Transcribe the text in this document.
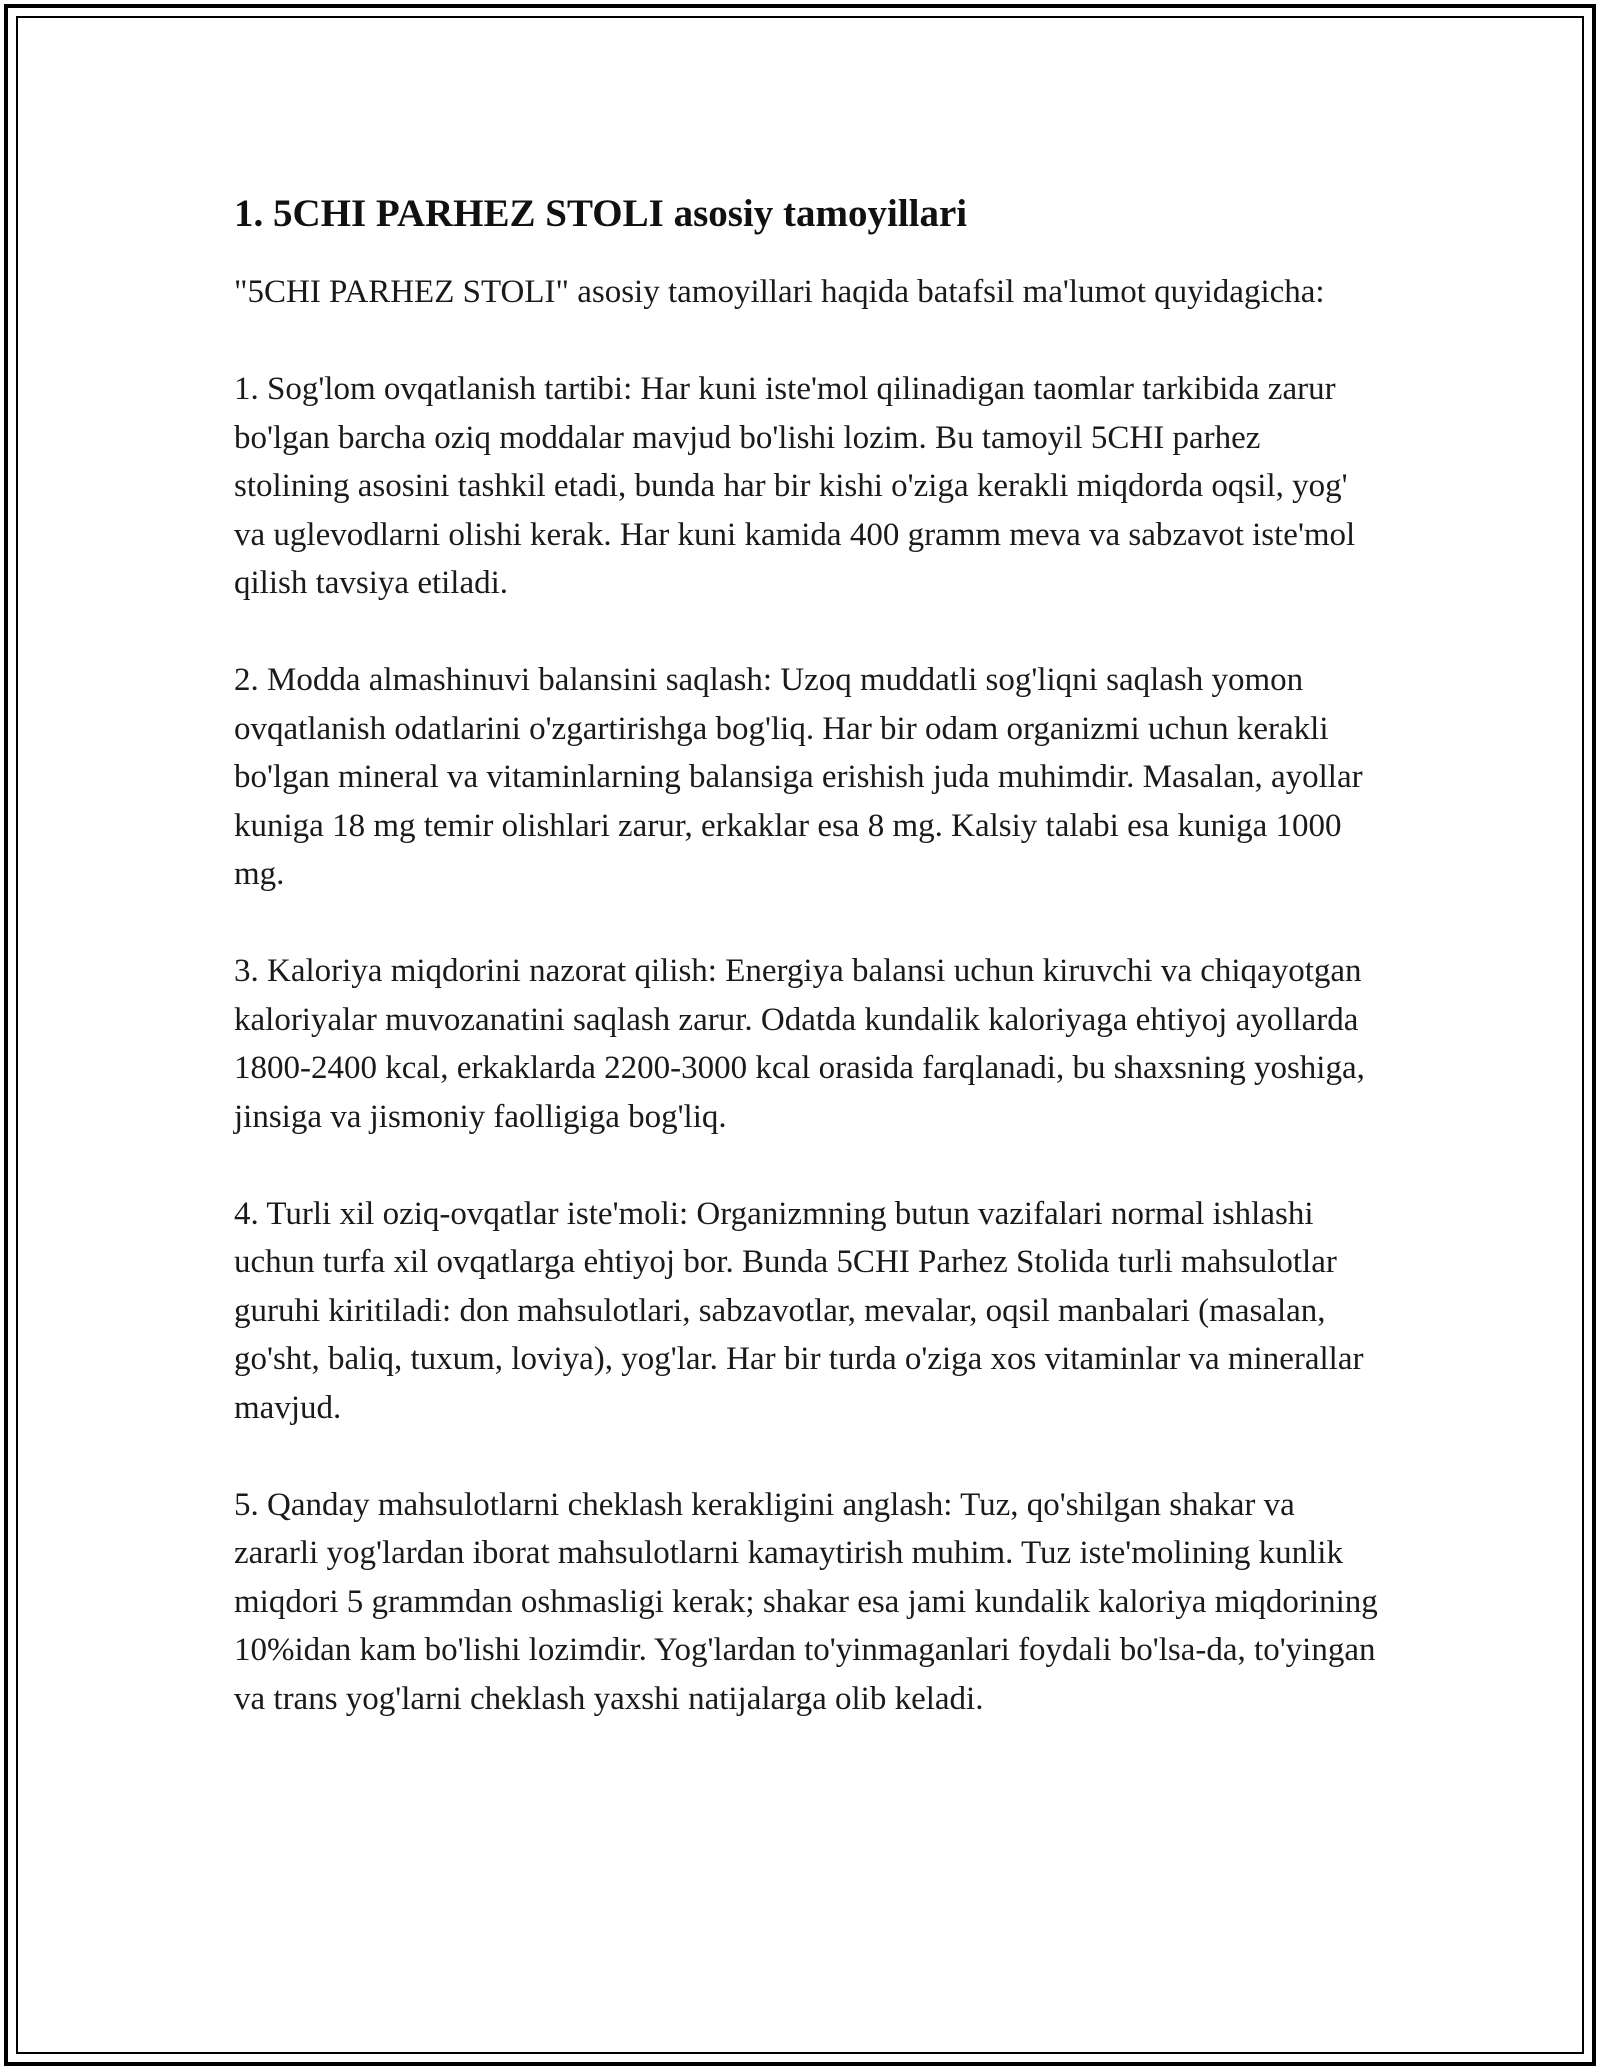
1. 5CHI PARHEZ STOLI asosiy tamoyillari

"5CHI PARHEZ STOLI" asosiy tamoyillari haqida batafsil ma'lumot quyidagicha:

1. Sog'lom ovqatlanish tartibi: Har kuni iste'mol qilinadigan taomlar tarkibida zarur bo'lgan barcha oziq moddalar mavjud bo'lishi lozim. Bu tamoyil 5CHI parhez stolining asosini tashkil etadi, bunda har bir kishi o'ziga kerakli miqdorda oqsil, yog' va uglevodlarni olishi kerak. Har kuni kamida 400 gramm meva va sabzavot iste'mol qilish tavsiya etiladi.

2. Modda almashinuvi balansini saqlash: Uzoq muddatli sog'liqni saqlash yomon ovqatlanish odatlarini o'zgartirishga bog'liq. Har bir odam organizmi uchun kerakli bo'lgan mineral va vitaminlarning balansiga erishish juda muhimdir. Masalan, ayollar kuniga 18 mg temir olishlari zarur, erkaklar esa 8 mg. Kalsiy talabi esa kuniga 1000 mg.

3. Kaloriya miqdorini nazorat qilish: Energiya balansi uchun kiruvchi va chiqayotgan kaloriyalar muvozanatini saqlash zarur. Odatda kundalik kaloriyaga ehtiyoj ayollarda 1800-2400 kcal, erkaklarda 2200-3000 kcal orasida farqlanadi, bu shaxsning yoshiga, jinsiga va jismoniy faolligiga bog'liq.

4. Turli xil oziq-ovqatlar iste'moli: Organizmning butun vazifalari normal ishlashi uchun turfa xil ovqatlarga ehtiyoj bor. Bunda 5CHI Parhez Stolida turli mahsulotlar guruhi kiritiladi: don mahsulotlari, sabzavotlar, mevalar, oqsil manbalari (masalan, go'sht, baliq, tuxum, loviya), yog'lar. Har bir turda o'ziga xos vitaminlar va minerallar mavjud.

5. Qanday mahsulotlarni cheklash kerakligini anglash: Tuz, qo'shilgan shakar va zararli yog'lardan iborat mahsulotlarni kamaytirish muhim. Tuz iste'molining kunlik miqdori 5 grammdan oshmasligi kerak; shakar esa jami kundalik kaloriya miqdorining 10%idan kam bo'lishi lozimdir. Yog'lardan to'yinmaganlari foydali bo'lsa-da, to'yingan va trans yog'larni cheklash yaxshi natijalarga olib keladi.
